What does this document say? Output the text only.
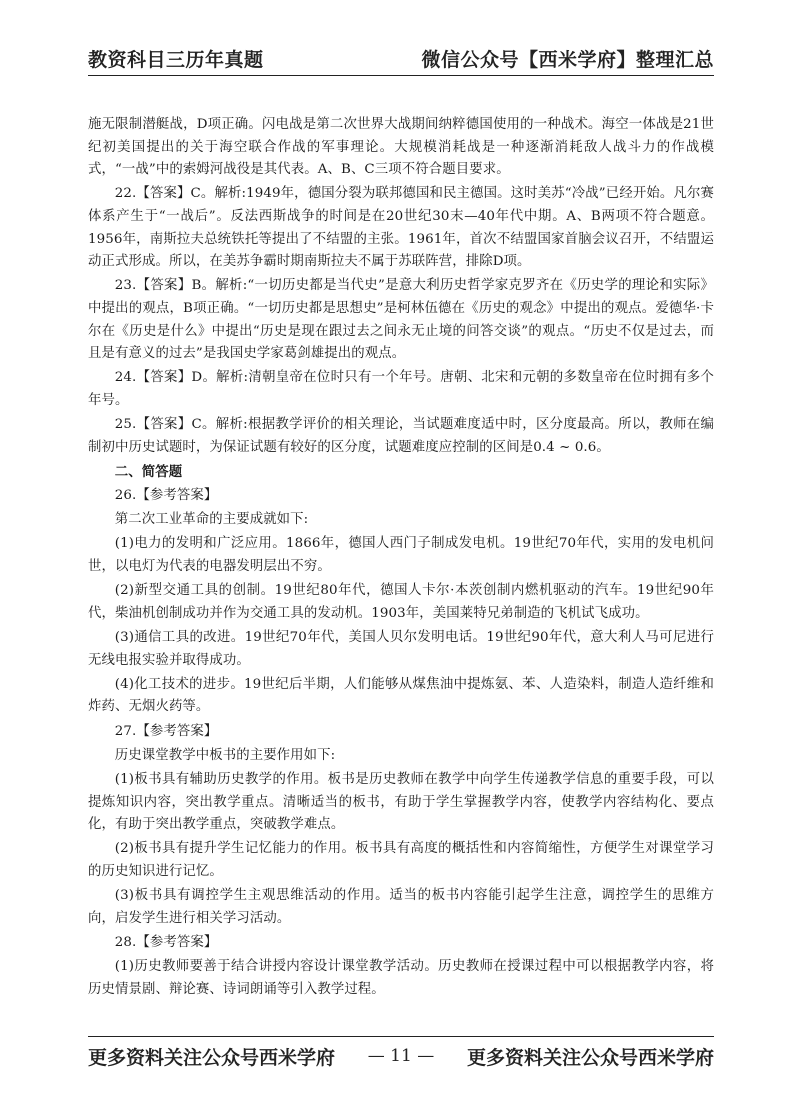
教资科目三历年真题	微信公众号【西米学府】整理汇总

施无限制潜艇战，D项正确。闪电战是第二次世界大战期间纳粹德国使用的一种战术。海空一体战是21世纪初美国提出的关于海空联合作战的军事理论。大规模消耗战是一种逐渐消耗敌人战斗力的作战模式，“一战”中的索姆河战役是其代表。A、B、C三项不符合题目要求。

22.【答案】C。解析:1949年，德国分裂为联邦德国和民主德国。这时美苏“冷战”已经开始。凡尔赛体系产生于“一战后”。反法西斯战争的时间是在20世纪30末—40年代中期。A、B两项不符合题意。1956年，南斯拉夫总统铁托等提出了不结盟的主张。1961年，首次不结盟国家首脑会议召开，不结盟运动正式形成。所以，在美苏争霸时期南斯拉夫不属于苏联阵营，排除D项。

23.【答案】B。解析:“一切历史都是当代史”是意大利历史哲学家克罗齐在《历史学的理论和实际》中提出的观点，B项正确。“一切历史都是思想史”是柯林伍德在《历史的观念》中提出的观点。爱德华·卡尔在《历史是什么》中提出“历史是现在跟过去之间永无止境的问答交谈”的观点。“历史不仅是过去，而且是有意义的过去”是我国史学家葛剑雄提出的观点。

24.【答案】D。解析:清朝皇帝在位时只有一个年号。唐朝、北宋和元朝的多数皇帝在位时拥有多个年号。

25.【答案】C。解析:根据教学评价的相关理论，当试题难度适中时，区分度最高。所以，教师在编制初中历史试题时，为保证试题有较好的区分度，试题难度应控制的区间是0.4 ~ 0.6。

二、简答题

26.【参考答案】

第二次工业革命的主要成就如下:

(1)电力的发明和广泛应用。1866年，德国人西门子制成发电机。19世纪70年代，实用的发电机问世，以电灯为代表的电器发明层出不穷。

(2)新型交通工具的创制。19世纪80年代，德国人卡尔·本茨创制内燃机驱动的汽车。19世纪90年代，柴油机创制成功并作为交通工具的发动机。1903年，美国莱特兄弟制造的飞机试飞成功。

(3)通信工具的改进。19世纪70年代，美国人贝尔发明电话。19世纪90年代，意大利人马可尼进行无线电报实验并取得成功。

(4)化工技术的进步。19世纪后半期，人们能够从煤焦油中提炼氨、苯、人造染料，制造人造纤维和炸药、无烟火药等。

27.【参考答案】

历史课堂教学中板书的主要作用如下:

(1)板书具有辅助历史教学的作用。板书是历史教师在教学中向学生传递教学信息的重要手段，可以提炼知识内容，突出教学重点。清晰适当的板书，有助于学生掌握教学内容，使教学内容结构化、要点化，有助于突出教学重点，突破教学难点。

(2)板书具有提升学生记忆能力的作用。板书具有高度的概括性和内容简缩性，方便学生对课堂学习的历史知识进行记忆。

(3)板书具有调控学生主观思维活动的作用。适当的板书内容能引起学生注意，调控学生的思维方向，启发学生进行相关学习活动。

28.【参考答案】

(1)历史教师要善于结合讲授内容设计课堂教学活动。历史教师在授课过程中可以根据教学内容，将历史情景剧、辩论赛、诗词朗诵等引入教学过程。

更多资料关注公众号西米学府 — 11 — 更多资料关注公众号西米学府
